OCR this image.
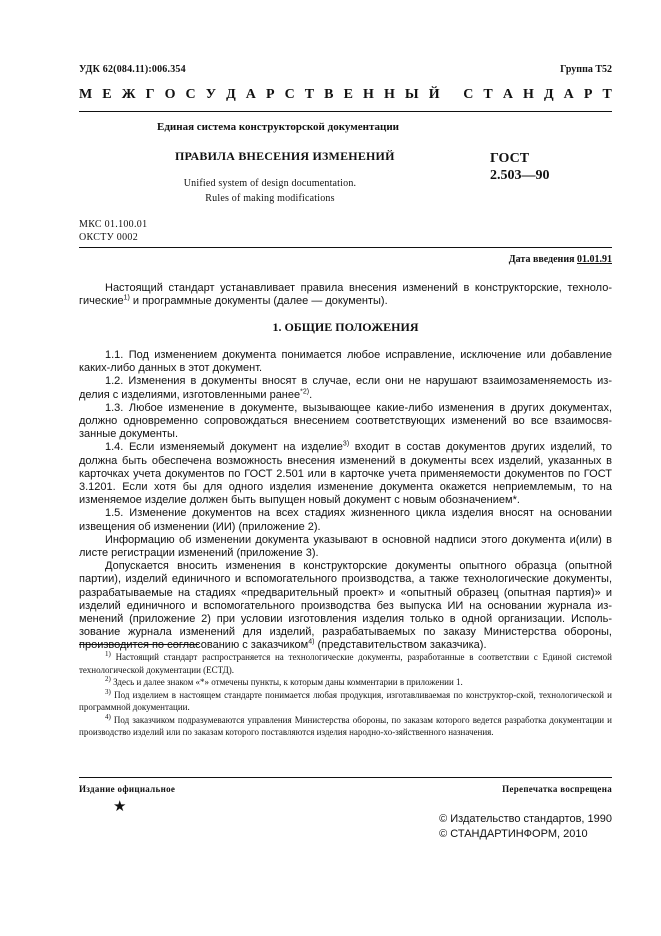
УДК 62(084.11):006.354	Группа Т52
М Е Ж Г О С У Д А Р С Т В Е Н Н Ы Й
С Т А Н Д А Р Т
Единая система конструкторской документации
ПРАВИЛА ВНЕСЕНИЯ ИЗМЕНЕНИЙ
Unified system of design documentation.
Rules of making modifications
ГОСТ
2.503—90
МКС 01.100.01
ОКСТУ 0002
Дата введения 01.01.91

Настоящий стандарт устанавливает правила внесения изменений в конструкторские, техноло-гические$^{1)}$ и программные документы (далее — документы).

1. ОБЩИЕ ПОЛОЖЕНИЯ

1.1. Под изменением документа понимается любое исправление, исключение или добавление каких-либо данных в этот документ.

1.2. Изменения в документы вносят в случае, если они не нарушают взаимозаменяемость из-делия с изделиями, изготовленными ранее$^{*2)}$.

1.3. Любое изменение в документе, вызывающее какие-либо изменения в других документах, должно одновременно сопровождаться внесением соответствующих изменений во все взаимосвя-занные документы.

1.4. Если изменяемый документ на изделие$^{3)}$ входит в состав документов других изделий, то должна быть обеспечена возможность внесения изменений в документы всех изделий, указанных в карточках учета документов по ГОСТ 2.501 или в карточке учета применяемости документов по ГОСТ 3.1201. Если хотя бы для одного изделия изменение документа окажется неприемлемым, то на изменяемое изделие должен быть выпущен новый документ с новым обозначением*.

1.5. Изменение документов на всех стадиях жизненного цикла изделия вносят на основании извещения об изменении (ИИ) (приложение 2).

Информацию об изменении документа указывают в основной надписи этого документа и(или) в листе регистрации изменений (приложение 3).

Допускается вносить изменения в конструкторские документы опытного образца (опытной партии), изделий единичного и вспомогательного производства, а также технологические документы, разрабатываемые на стадиях «предварительный проект» и «опытный образец (опытная партия)» и изделий единичного и вспомогательного производства без выпуска ИИ на основании журнала из-менений (приложение 2) при условии изготовления изделия только в одной организации. Исполь-зование журнала изменений для изделий, разрабатываемых по заказу Министерства обороны, производится по согласованию с заказчиком$^{4)}$ (представительством заказчика).

$^{1)}$ Настоящий стандарт распространяется на технологические документы, разработанные в соответствии с Единой системой технологической документации (ЕСТД).

$^{2)}$ Здесь и далее знаком «*» отмечены пункты, к которым даны комментарии в приложении 1.

$^{3)}$ Под изделием в настоящем стандарте понимается любая продукция, изготавливаемая по конструктор-ской, технологической и программной документации.

$^{4)}$ Под заказчиком подразумеваются управления Министерства обороны, по заказам которого ведется разработка документации и производство изделий или по заказам которого поставляются изделия народно-хо-зяйственного назначения.

Издание официальное	Перепечатка воспрещена
★
© Издательство стандартов, 1990
© СТАНДАРТИНФОРМ, 2010
